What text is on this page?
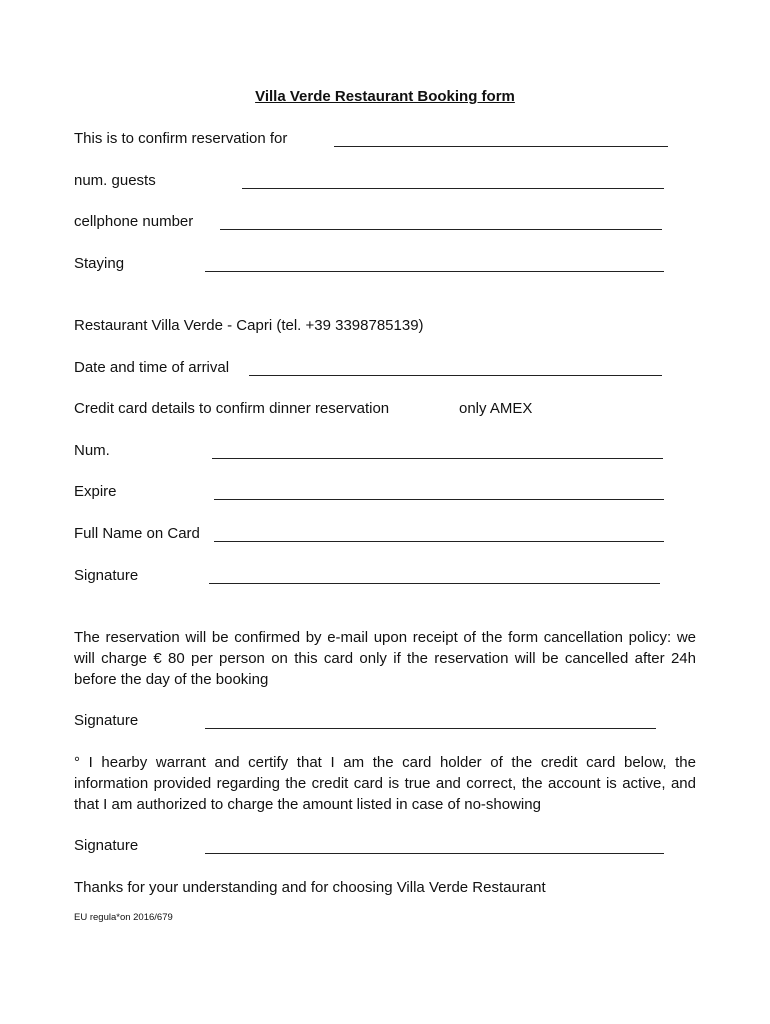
Villa Verde Restaurant Booking form
This is to confirm reservation for
num. guests
cellphone number
Staying
Restaurant Villa Verde - Capri (tel. +39 3398785139)
Date and time of arrival
Credit card details to confirm dinner reservation	only AMEX
Num.
Expire
Full Name on Card
Signature
The reservation will be confirmed by e-mail upon receipt of the form cancellation policy: we will charge € 80 per person on this card only if the reservation will be cancelled after 24h before the day of the booking
Signature
° I hearby warrant and certify that I am the card holder of the credit card below, the information provided regarding the credit card is true and correct, the account is active, and that I am authorized to charge the amount listed in case of no-showing
Signature
Thanks for your understanding and for choosing Villa Verde Restaurant
EU regula*on 2016/679
